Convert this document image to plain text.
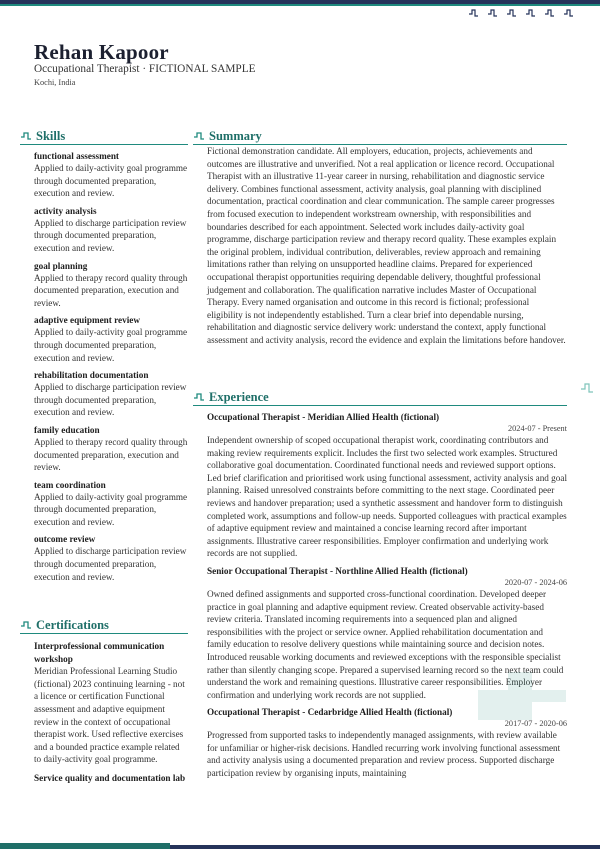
Rehan Kapoor
Occupational Therapist · FICTIONAL SAMPLE
Kochi, India
Skills
functional assessment
Applied to daily-activity goal programme through documented preparation, execution and review.
activity analysis
Applied to discharge participation review through documented preparation, execution and review.
goal planning
Applied to therapy record quality through documented preparation, execution and review.
adaptive equipment review
Applied to daily-activity goal programme through documented preparation, execution and review.
rehabilitation documentation
Applied to discharge participation review through documented preparation, execution and review.
family education
Applied to therapy record quality through documented preparation, execution and review.
team coordination
Applied to daily-activity goal programme through documented preparation, execution and review.
outcome review
Applied to discharge participation review through documented preparation, execution and review.
Certifications
Interprofessional communication workshop
Meridian Professional Learning Studio (fictional) 2023 continuing learning - not a licence or certification Functional assessment and adaptive equipment review in the context of occupational therapist work. Used reflective exercises and a bounded practice example related to daily-activity goal programme.
Service quality and documentation lab
Summary
Fictional demonstration candidate. All employers, education, projects, achievements and outcomes are illustrative and unverified. Not a real application or licence record. Occupational Therapist with an illustrative 11-year career in nursing, rehabilitation and diagnostic service delivery. Combines functional assessment, activity analysis, goal planning with disciplined documentation, practical coordination and clear communication. The sample career progresses from focused execution to independent workstream ownership, with responsibilities and boundaries described for each appointment. Selected work includes daily-activity goal programme, discharge participation review and therapy record quality. These examples explain the original problem, individual contribution, deliverables, review approach and remaining limitations rather than relying on unsupported headline claims. Prepared for experienced occupational therapist opportunities requiring dependable delivery, thoughtful professional judgement and collaboration. The qualification narrative includes Master of Occupational Therapy. Every named organisation and outcome in this record is fictional; professional eligibility is not independently established. Turn a clear brief into dependable nursing, rehabilitation and diagnostic service delivery work: understand the context, apply functional assessment and activity analysis, record the evidence and explain the limitations before handover.
Experience
Occupational Therapist - Meridian Allied Health (fictional)
2024-07 - Present
Independent ownership of scoped occupational therapist work, coordinating contributors and making review requirements explicit. Includes the first two selected work examples. Structured collaborative goal documentation. Coordinated functional needs and reviewed support options. Led brief clarification and prioritised work using functional assessment, activity analysis and goal planning. Raised unresolved constraints before committing to the next stage. Coordinated peer reviews and handover preparation; used a synthetic assessment and handover form to distinguish completed work, assumptions and follow-up needs. Supported colleagues with practical examples of adaptive equipment review and maintained a concise learning record after important assignments. Illustrative career responsibilities. Employer confirmation and underlying work records are not supplied.
Senior Occupational Therapist - Northline Allied Health (fictional)
2020-07 - 2024-06
Owned defined assignments and supported cross-functional coordination. Developed deeper practice in goal planning and adaptive equipment review. Created observable activity-based review criteria. Translated incoming requirements into a sequenced plan and aligned responsibilities with the project or service owner. Applied rehabilitation documentation and family education to resolve delivery questions while maintaining source and decision notes. Introduced reusable working documents and reviewed exceptions with the responsible specialist rather than silently changing scope. Prepared a supervised learning record so the next team could understand the work and remaining questions. Illustrative career responsibilities. Employer confirmation and underlying work records are not supplied.
Occupational Therapist - Cedarbridge Allied Health (fictional)
2017-07 - 2020-06
Progressed from supported tasks to independently managed assignments, with review available for unfamiliar or higher-risk decisions. Handled recurring work involving functional assessment and activity analysis using a documented preparation and review process. Supported discharge participation review by organising inputs, maintaining
